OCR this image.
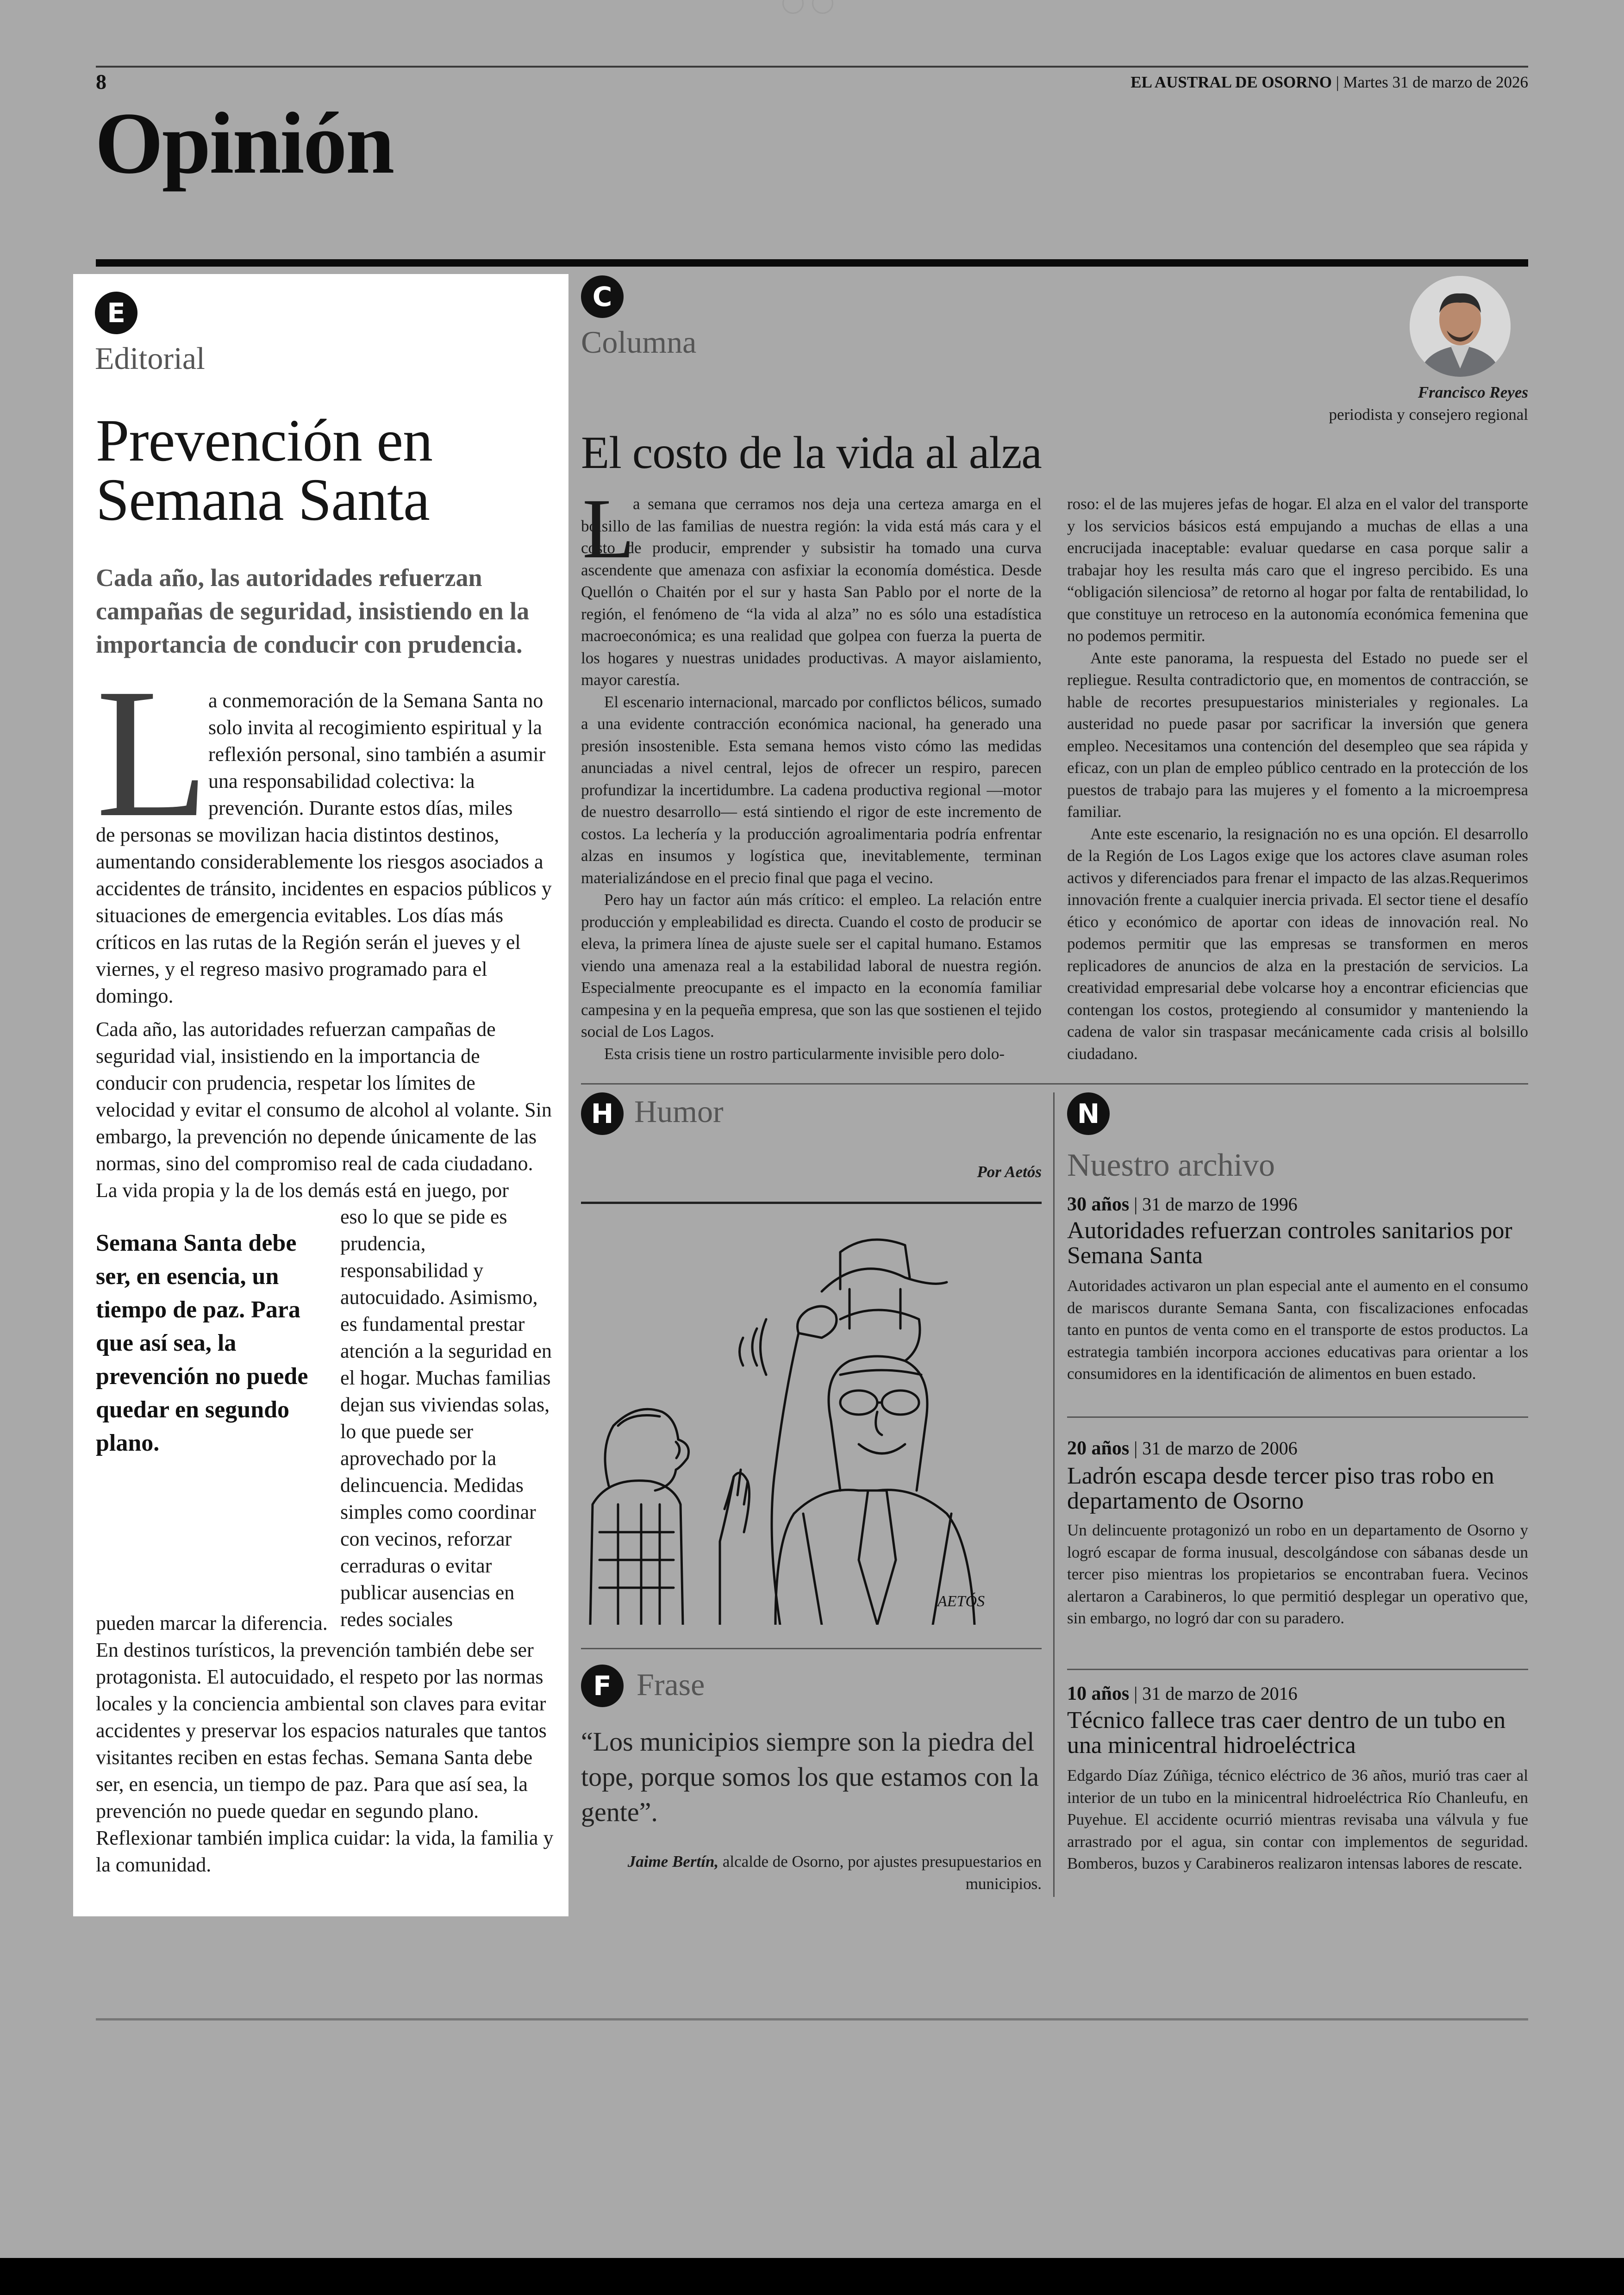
8	EL AUSTRAL DE OSORNO | Martes 31 de marzo de 2026
Opinión
E
Editorial
Prevención en Semana Santa
Cada año, las autoridades refuerzan campañas de seguridad, insistiendo en la importancia de conducir con prudencia.
L
a conmemoración de la Semana Santa no solo invita al recogimiento espiritual y la reflexión personal, sino también a asumir una responsabilidad colectiva: la prevención. Durante estos días, miles
de personas se movilizan hacia distintos destinos, aumentando considerablemente los riesgos asociados a accidentes de tránsito, incidentes en espacios públicos y situaciones de emergencia evitables. Los días más críticos en las rutas de la Región serán el jueves y el viernes, y el regreso masivo programado para el domingo.
Cada año, las autoridades refuerzan campañas de seguridad vial, insistiendo en la importancia de conducir con prudencia, respetar los límites de velocidad y evitar el consumo de alcohol al volante. Sin embargo, la prevención no depende únicamente de las normas, sino del compromiso real de cada ciudadano. La vida propia y la de los demás está en juego, por
Semana Santa debe ser, en esencia, un tiempo de paz. Para que así sea, la prevención no puede quedar en segundo plano.
eso lo que se pide es prudencia, responsabilidad y autocuidado. Asimismo, es fundamental prestar atención a la seguridad en el hogar. Muchas familias dejan sus viviendas solas, lo que puede ser aprovechado por la delincuencia. Medidas simples como coordinar con vecinos, reforzar cerraduras o evitar publicar ausencias en redes sociales
pueden marcar la diferencia.
En destinos turísticos, la prevención también debe ser protagonista. El autocuidado, el respeto por las normas locales y la conciencia ambiental son claves para evitar accidentes y preservar los espacios naturales que tantos visitantes reciben en estas fechas. Semana Santa debe ser, en esencia, un tiempo de paz. Para que así sea, la prevención no puede quedar en segundo plano. Reflexionar también implica cuidar: la vida, la familia y la comunidad.
C
Columna
Francisco Reyes
periodista y consejero regional
El costo de la vida al alza
L
a semana que cerramos nos deja una certeza amarga en el bolsillo de las familias de nuestra región: la vida está más cara y el costo de producir, emprender y subsistir ha tomado una curva ascendente que amenaza con asfixiar la economía doméstica. Desde Quellón o Chaitén por el sur y hasta San Pablo por el norte de la región, el fenómeno de “la vida al alza” no es sólo una estadística macroeconómica; es una realidad que golpea con fuerza la puerta de los hogares y nuestras unidades productivas. A mayor aislamiento, mayor carestía.
El escenario internacional, marcado por conflictos bélicos, sumado a una evidente contracción económica nacional, ha generado una presión insostenible. Esta semana hemos visto cómo las medidas anunciadas a nivel central, lejos de ofrecer un respiro, parecen profundizar la incertidumbre. La cadena productiva regional —motor de nuestro desarrollo— está sintiendo el rigor de este incremento de costos. La lechería y la producción agroalimentaria podría enfrentar alzas en insumos y logística que, inevitablemente, terminan materializándose en el precio final que paga el vecino.
Pero hay un factor aún más crítico: el empleo. La relación entre producción y empleabilidad es directa. Cuando el costo de producir se eleva, la primera línea de ajuste suele ser el capital humano. Estamos viendo una amenaza real a la estabilidad laboral de nuestra región. Especialmente preocupante es el impacto en la economía familiar campesina y en la pequeña empresa, que son las que sostienen el tejido social de Los Lagos.
Esta crisis tiene un rostro particularmente invisible pero dolo-
roso: el de las mujeres jefas de hogar. El alza en el valor del transporte y los servicios básicos está empujando a muchas de ellas a una encrucijada inaceptable: evaluar quedarse en casa porque salir a trabajar hoy les resulta más caro que el ingreso percibido. Es una “obligación silenciosa” de retorno al hogar por falta de rentabilidad, lo que constituye un retroceso en la autonomía económica femenina que no podemos permitir.
Ante este panorama, la respuesta del Estado no puede ser el repliegue. Resulta contradictorio que, en momentos de contracción, se hable de recortes presupuestarios ministeriales y regionales. La austeridad no puede pasar por sacrificar la inversión que genera empleo. Necesitamos una contención del desempleo que sea rápida y eficaz, con un plan de empleo público centrado en la protección de los puestos de trabajo para las mujeres y el fomento a la microempresa familiar.
Ante este escenario, la resignación no es una opción. El desarrollo de la Región de Los Lagos exige que los actores clave asuman roles activos y diferenciados para frenar el impacto de las alzas.Requerimos innovación frente a cualquier inercia privada. El sector tiene el desafío ético y económico de aportar con ideas de innovación real. No podemos permitir que las empresas se transformen en meros replicadores de anuncios de alza en la prestación de servicios. La creatividad empresarial debe volcarse hoy a encontrar eficiencias que contengan los costos, protegiendo al consumidor y manteniendo la cadena de valor sin traspasar mecánicamente cada crisis al bolsillo ciudadano.
H Humor
Por Aetós
AETÓS
F Frase
“Los municipios siempre son la piedra del tope, porque somos los que estamos con la gente”.
Jaime Bertín, alcalde de Osorno, por ajustes presupuestarios en municipios.
N
Nuestro archivo
30 años | 31 de marzo de 1996
Autoridades refuerzan controles sanitarios por Semana Santa
Autoridades activaron un plan especial ante el aumento en el consumo de mariscos durante Semana Santa, con fiscalizaciones enfocadas tanto en puntos de venta como en el transporte de estos productos. La estrategia también incorpora acciones educativas para orientar a los consumidores en la identificación de alimentos en buen estado.
20 años | 31 de marzo de 2006
Ladrón escapa desde tercer piso tras robo en departamento de Osorno
Un delincuente protagonizó un robo en un departamento de Osorno y logró escapar de forma inusual, descolgándose con sábanas desde un tercer piso mientras los propietarios se encontraban fuera. Vecinos alertaron a Carabineros, lo que permitió desplegar un operativo que, sin embargo, no logró dar con su paradero.
10 años | 31 de marzo de 2016
Técnico fallece tras caer dentro de un tubo en una minicentral hidroeléctrica
Edgardo Díaz Zúñiga, técnico eléctrico de 36 años, murió tras caer al interior de un tubo en la minicentral hidroeléctrica Río Chanleufu, en Puyehue. El accidente ocurrió mientras revisaba una válvula y fue arrastrado por el agua, sin contar con implementos de seguridad. Bomberos, buzos y Carabineros realizaron intensas labores de rescate.
